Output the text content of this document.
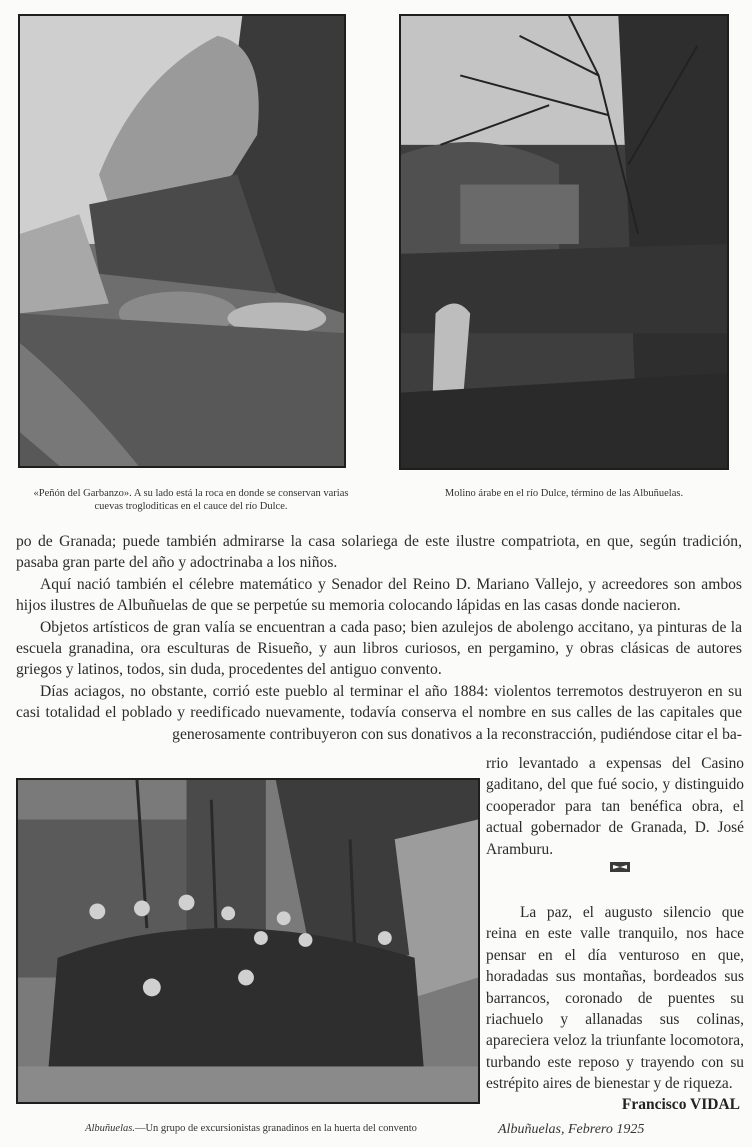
«Peñón del Garbanzo». A su lado está la roca en donde se conservan varias cuevas trogloditicas en el cauce del río Dulce.
Molino árabe en el río Dulce, término de las Albuñuelas.

po de Granada; puede también admirarse la casa solariega de este ilustre compatriota, en que, según tradición, pasaba gran parte del año y adoctrinaba a los niños.

Aquí nació también el célebre matemático y Senador del Reino D. Mariano Vallejo, y acreedores son ambos hijos ilustres de Albuñuelas de que se perpetúe su memoria colocando lápidas en las casas donde nacieron.

Objetos artísticos de gran valía se encuentran a cada paso; bien azulejos de abolengo accitano, ya pinturas de la escuela granadina, ora esculturas de Risueño, y aun libros curiosos, en pergamino, y obras clásicas de autores griegos y latinos, todos, sin duda, procedentes del antiguo convento.

Días aciagos, no obstante, corrió este pueblo al terminar el año 1884: violentos terremotos destruyeron en su casi totalidad el poblado y reedificado nuevamente, todavía conserva el nombre en sus calles de las capitales que generosamente contribuyeron con sus donativos a la reconstracción, pudiéndose citar el ba-

rrio levantado a expensas del Casino gaditano, del que fué socio, y distinguido cooperador para tan benéfica obra, el actual gobernador de Granada, D. José Aramburu.

La paz, el augusto silencio que reina en este valle tranquilo, nos hace pensar en el día venturoso en que, horadadas sus montañas, bordeados sus barrancos, coronado de puentes su riachuelo y allanadas sus colinas, apareciera veloz la triunfante locomotora, turbando este reposo y trayendo con su estrépito aires de bienestar y de riqueza.

Francisco VIDAL
Albuñuelas.—Un grupo de excursionistas granadinos en la huerta del convento	Albuñuelas, Febrero 1925
